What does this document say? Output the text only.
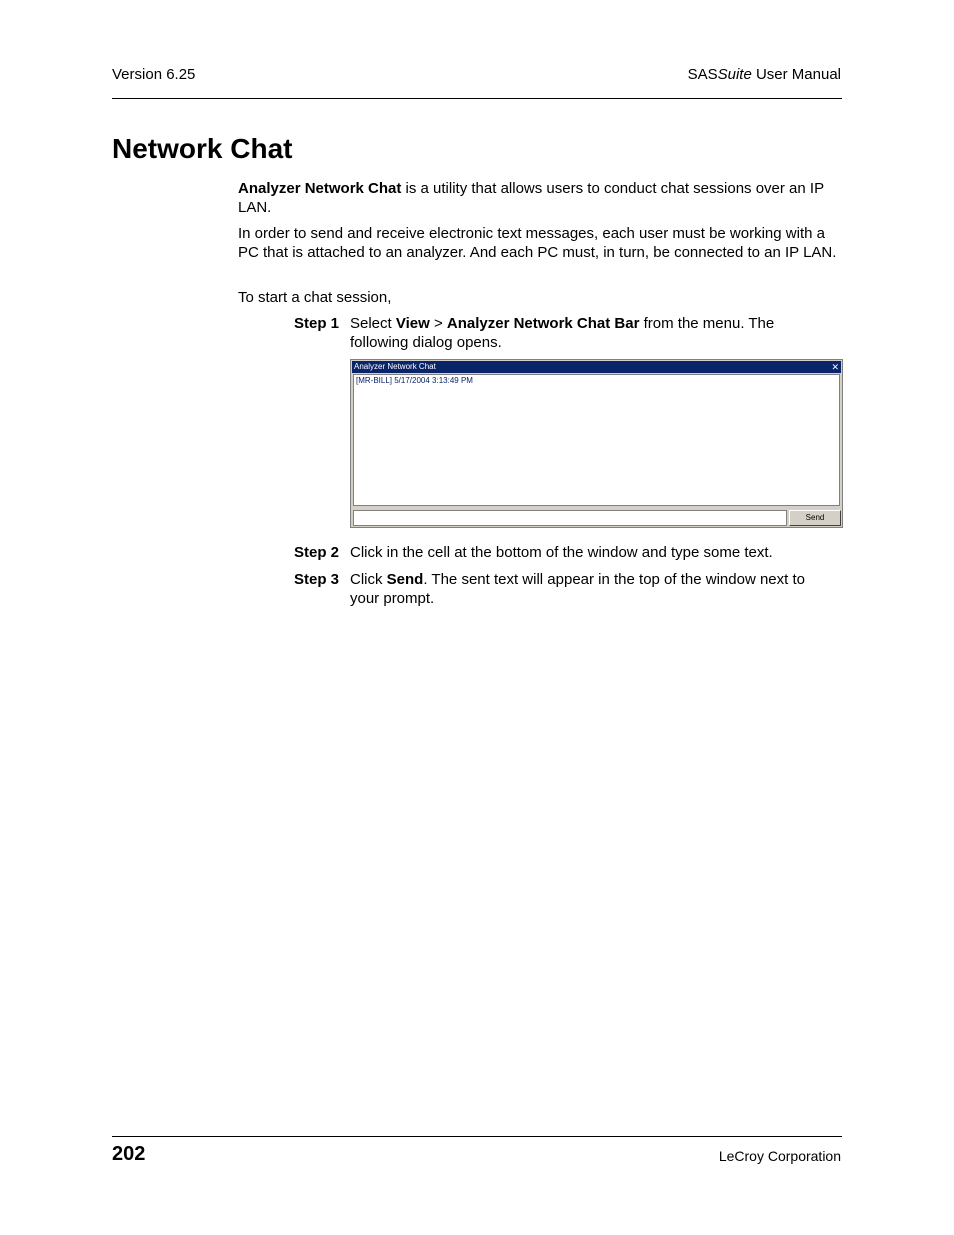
Version 6.25	SASSuite User Manual
Network Chat

Analyzer Network Chat is a utility that allows users to conduct chat sessions over an IP LAN.

In order to send and receive electronic text messages, each user must be working with a PC that is attached to an analyzer. And each PC must, in turn, be connected to an IP LAN.

To start a chat session,

Step 1 Select View > Analyzer Network Chat Bar from the menu. The following dialog opens.
Analyzer Network Chat	✕
[MR-BILL] 5/17/2004 3:13:49 PM
Send
Step 2 Click in the cell at the bottom of the window and type some text.
Step 3 Click Send. The sent text will appear in the top of the window next to your prompt.
202	LeCroy Corporation
